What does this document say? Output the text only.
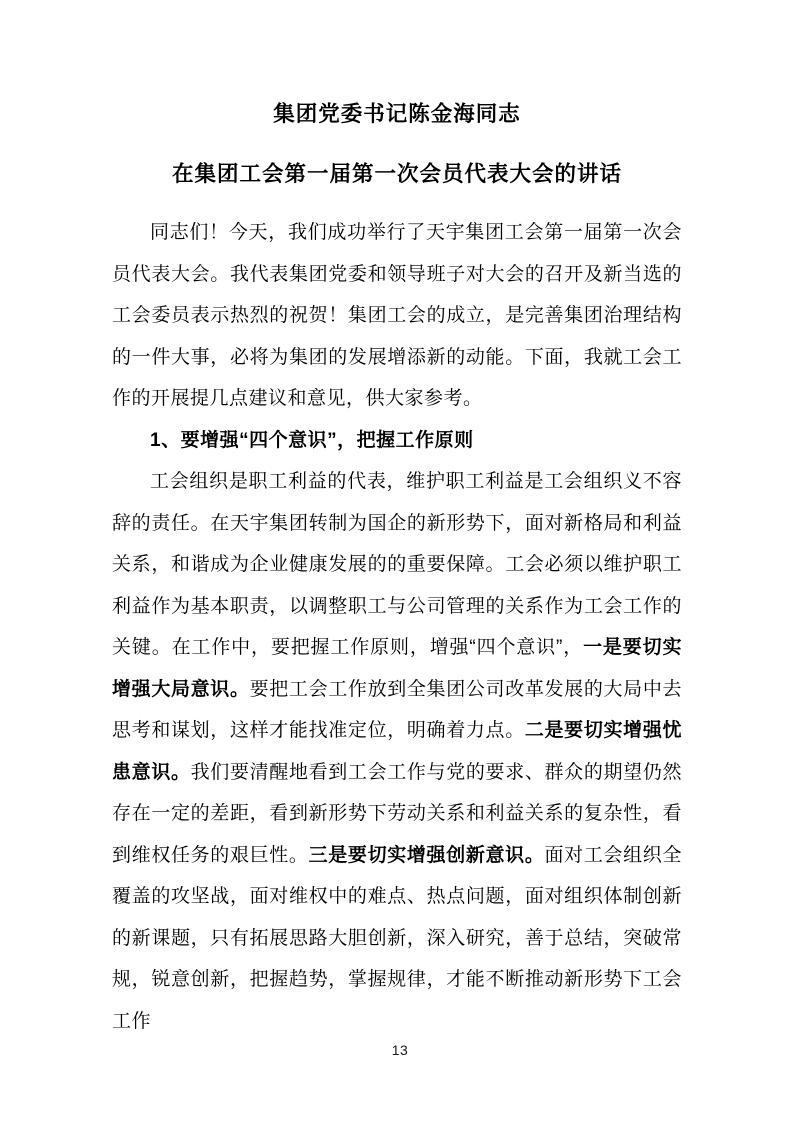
集团党委书记陈金海同志
在集团工会第一届第一次会员代表大会的讲话

同志们！今天，我们成功举行了天宇集团工会第一届第一次会员代表大会。我代表集团党委和领导班子对大会的召开及新当选的工会委员表示热烈的祝贺！集团工会的成立，是完善集团治理结构的一件大事，必将为集团的发展增添新的动能。下面，我就工会工作的开展提几点建议和意见，供大家参考。

1、要增强“四个意识”，把握工作原则

工会组织是职工利益的代表，维护职工利益是工会组织义不容辞的责任。在天宇集团转制为国企的新形势下，面对新格局和利益关系，和谐成为企业健康发展的的重要保障。工会必须以维护职工利益作为基本职责，以调整职工与公司管理的关系作为工会工作的关键。在工作中，要把握工作原则，增强“四个意识”，一是要切实增强大局意识。要把工会工作放到全集团公司改革发展的大局中去思考和谋划，这样才能找准定位，明确着力点。二是要切实增强忧患意识。我们要清醒地看到工会工作与党的要求、群众的期望仍然存在一定的差距，看到新形势下劳动关系和利益关系的复杂性，看到维权任务的艰巨性。三是要切实增强创新意识。面对工会组织全覆盖的攻坚战，面对维权中的难点、热点问题，面对组织体制创新的新课题，只有拓展思路大胆创新，深入研究，善于总结，突破常规，锐意创新，把握趋势，掌握规律，才能不断推动新形势下工会工作

13
